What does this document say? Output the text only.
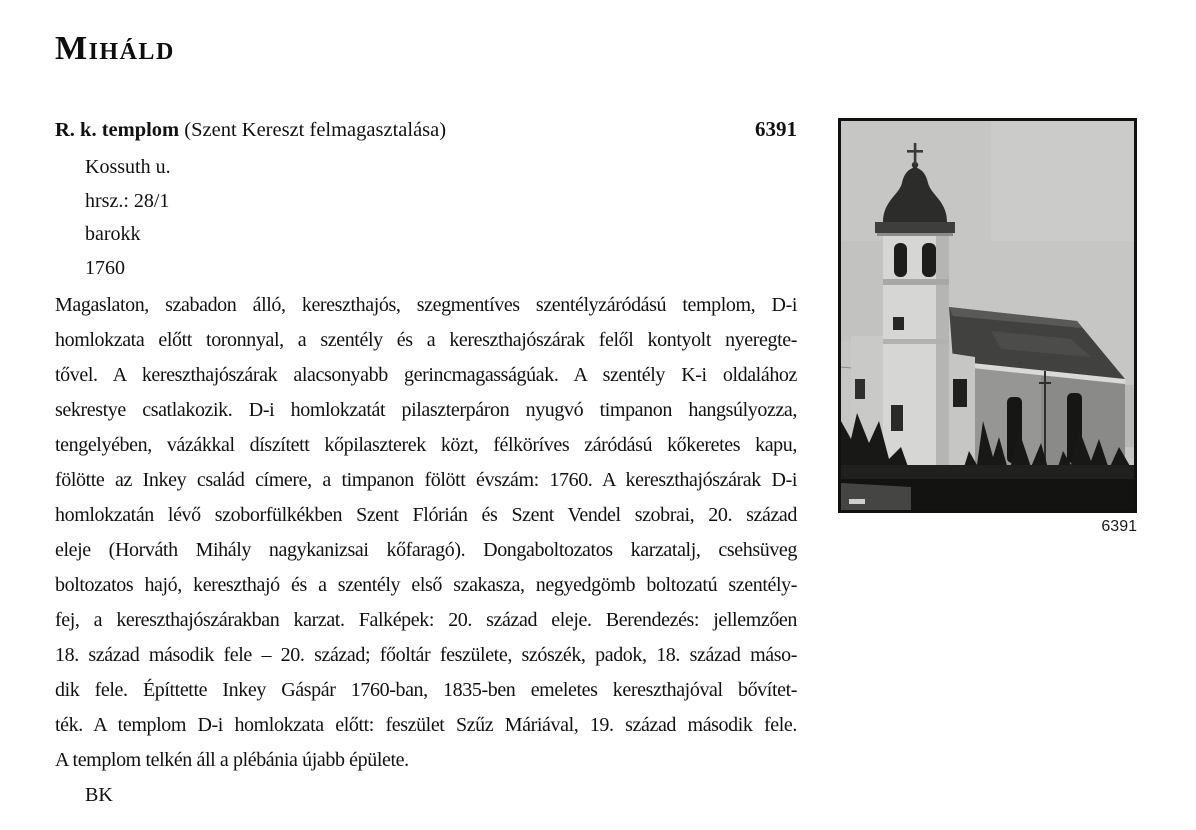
Miháld
R. k. templom (Szent Kereszt felmagasztalása)	6391
Kossuth u.
hrsz.: 28/1
barokk
1760
Magaslaton, szabadon álló, kereszthajós, szegmentíves szentélyzáródású templom, D-i
homlokzata előtt toronnyal, a szentély és a kereszthajószárak felől kontyolt nyeregte-
tővel. A kereszthajószárak alacsonyabb gerincmagasságúak. A szentély K-i oldalához
sekrestye csatlakozik. D-i homlokzatát pilaszterpáron nyugvó timpanon hangsúlyozza,
tengelyében, vázákkal díszített kőpilaszterek közt, félköríves záródású kőkeretes kapu,
fölötte az Inkey család címere, a timpanon fölött évszám: 1760. A kereszthajószárak D-i
homlokzatán lévő szoborfülkékben Szent Flórián és Szent Vendel szobrai, 20. század
eleje (Horváth Mihály nagykanizsai kőfaragó). Dongaboltozatos karzatalj, csehsüveg
boltozatos hajó, kereszthajó és a szentély első szakasza, negyedgömb boltozatú szentély-
fej, a kereszthajószárakban karzat. Falképek: 20. század eleje. Berendezés: jellemzően
18. század második fele – 20. század; főoltár feszülete, szószék, padok, 18. század máso-
dik fele. Építtette Inkey Gáspár 1760-ban, 1835-ben emeletes kereszthajóval bővítet-
ték. A templom D-i homlokzata előtt: feszület Szűz Máriával, 19. század második fele.
A templom telkén áll a plébánia újabb épülete.
BK
6391
